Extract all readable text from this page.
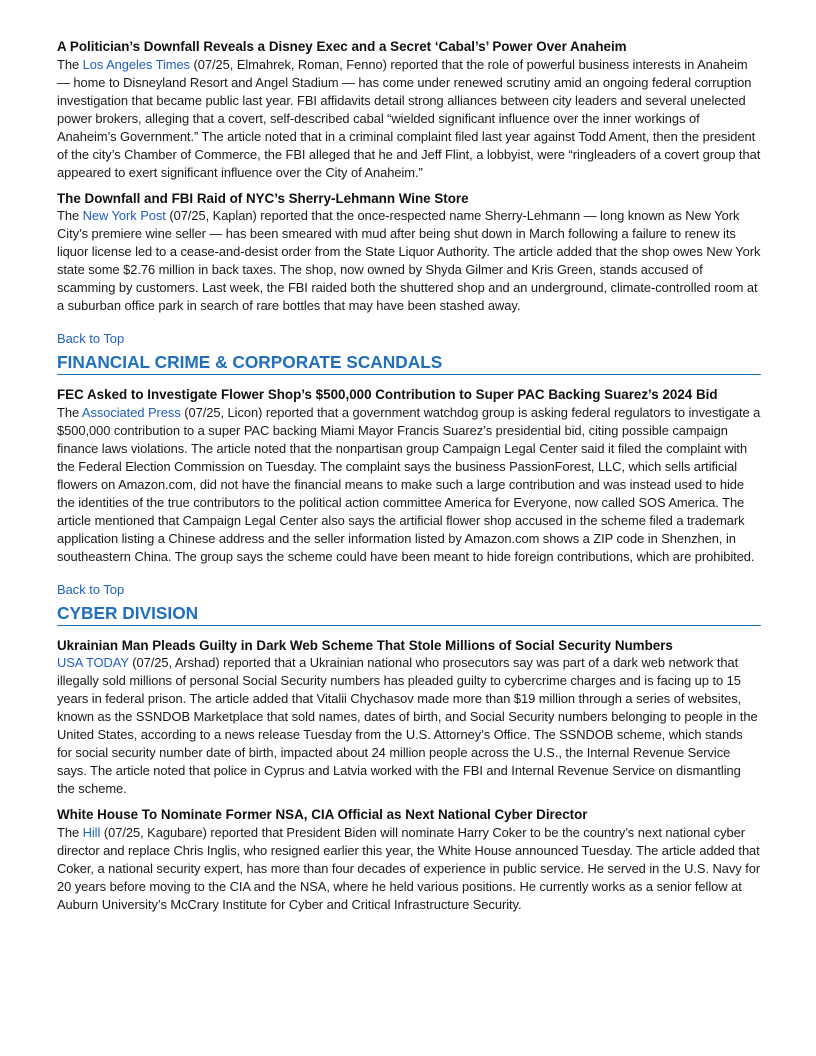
A Politician’s Downfall Reveals a Disney Exec and a Secret ‘Cabal’s’ Power Over Anaheim

The Los Angeles Times (07/25, Elmahrek, Roman, Fenno) reported that the role of powerful business interests in Anaheim — home to Disneyland Resort and Angel Stadium — has come under renewed scrutiny amid an ongoing federal corruption investigation that became public last year. FBI affidavits detail strong alliances between city leaders and several unelected power brokers, alleging that a covert, self-described cabal “wielded significant influence over the inner workings of Anaheim’s Government.” The article noted that in a criminal complaint filed last year against Todd Ament, then the president of the city’s Chamber of Commerce, the FBI alleged that he and Jeff Flint, a lobbyist, were “ringleaders of a covert group that appeared to exert significant influence over the City of Anaheim.”

The Downfall and FBI Raid of NYC’s Sherry-Lehmann Wine Store

The New York Post (07/25, Kaplan) reported that the once-respected name Sherry-Lehmann — long known as New York City’s premiere wine seller — has been smeared with mud after being shut down in March following a failure to renew its liquor license led to a cease-and-desist order from the State Liquor Authority. The article added that the shop owes New York state some $2.76 million in back taxes. The shop, now owned by Shyda Gilmer and Kris Green, stands accused of scamming by customers. Last week, the FBI raided both the shuttered shop and an underground, climate-controlled room at a suburban office park in search of rare bottles that may have been stashed away.

Back to Top
FINANCIAL CRIME & CORPORATE SCANDALS

FEC Asked to Investigate Flower Shop’s $500,000 Contribution to Super PAC Backing Suarez’s 2024 Bid

The Associated Press (07/25, Licon) reported that a government watchdog group is asking federal regulators to investigate a $500,000 contribution to a super PAC backing Miami Mayor Francis Suarez’s presidential bid, citing possible campaign finance laws violations. The article noted that the nonpartisan group Campaign Legal Center said it filed the complaint with the Federal Election Commission on Tuesday. The complaint says the business PassionForest, LLC, which sells artificial flowers on Amazon.com, did not have the financial means to make such a large contribution and was instead used to hide the identities of the true contributors to the political action committee America for Everyone, now called SOS America. The article mentioned that Campaign Legal Center also says the artificial flower shop accused in the scheme filed a trademark application listing a Chinese address and the seller information listed by Amazon.com shows a ZIP code in Shenzhen, in southeastern China. The group says the scheme could have been meant to hide foreign contributions, which are prohibited.

Back to Top
CYBER DIVISION

Ukrainian Man Pleads Guilty in Dark Web Scheme That Stole Millions of Social Security Numbers

USA TODAY (07/25, Arshad) reported that a Ukrainian national who prosecutors say was part of a dark web network that illegally sold millions of personal Social Security numbers has pleaded guilty to cybercrime charges and is facing up to 15 years in federal prison. The article added that Vitalii Chychasov made more than $19 million through a series of websites, known as the SSNDOB Marketplace that sold names, dates of birth, and Social Security numbers belonging to people in the United States, according to a news release Tuesday from the U.S. Attorney’s Office. The SSNDOB scheme, which stands for social security number date of birth, impacted about 24 million people across the U.S., the Internal Revenue Service says. The article noted that police in Cyprus and Latvia worked with the FBI and Internal Revenue Service on dismantling the scheme.

White House To Nominate Former NSA, CIA Official as Next National Cyber Director

The Hill (07/25, Kagubare) reported that President Biden will nominate Harry Coker to be the country’s next national cyber director and replace Chris Inglis, who resigned earlier this year, the White House announced Tuesday. The article added that Coker, a national security expert, has more than four decades of experience in public service. He served in the U.S. Navy for 20 years before moving to the CIA and the NSA, where he held various positions. He currently works as a senior fellow at Auburn University’s McCrary Institute for Cyber and Critical Infrastructure Security.
